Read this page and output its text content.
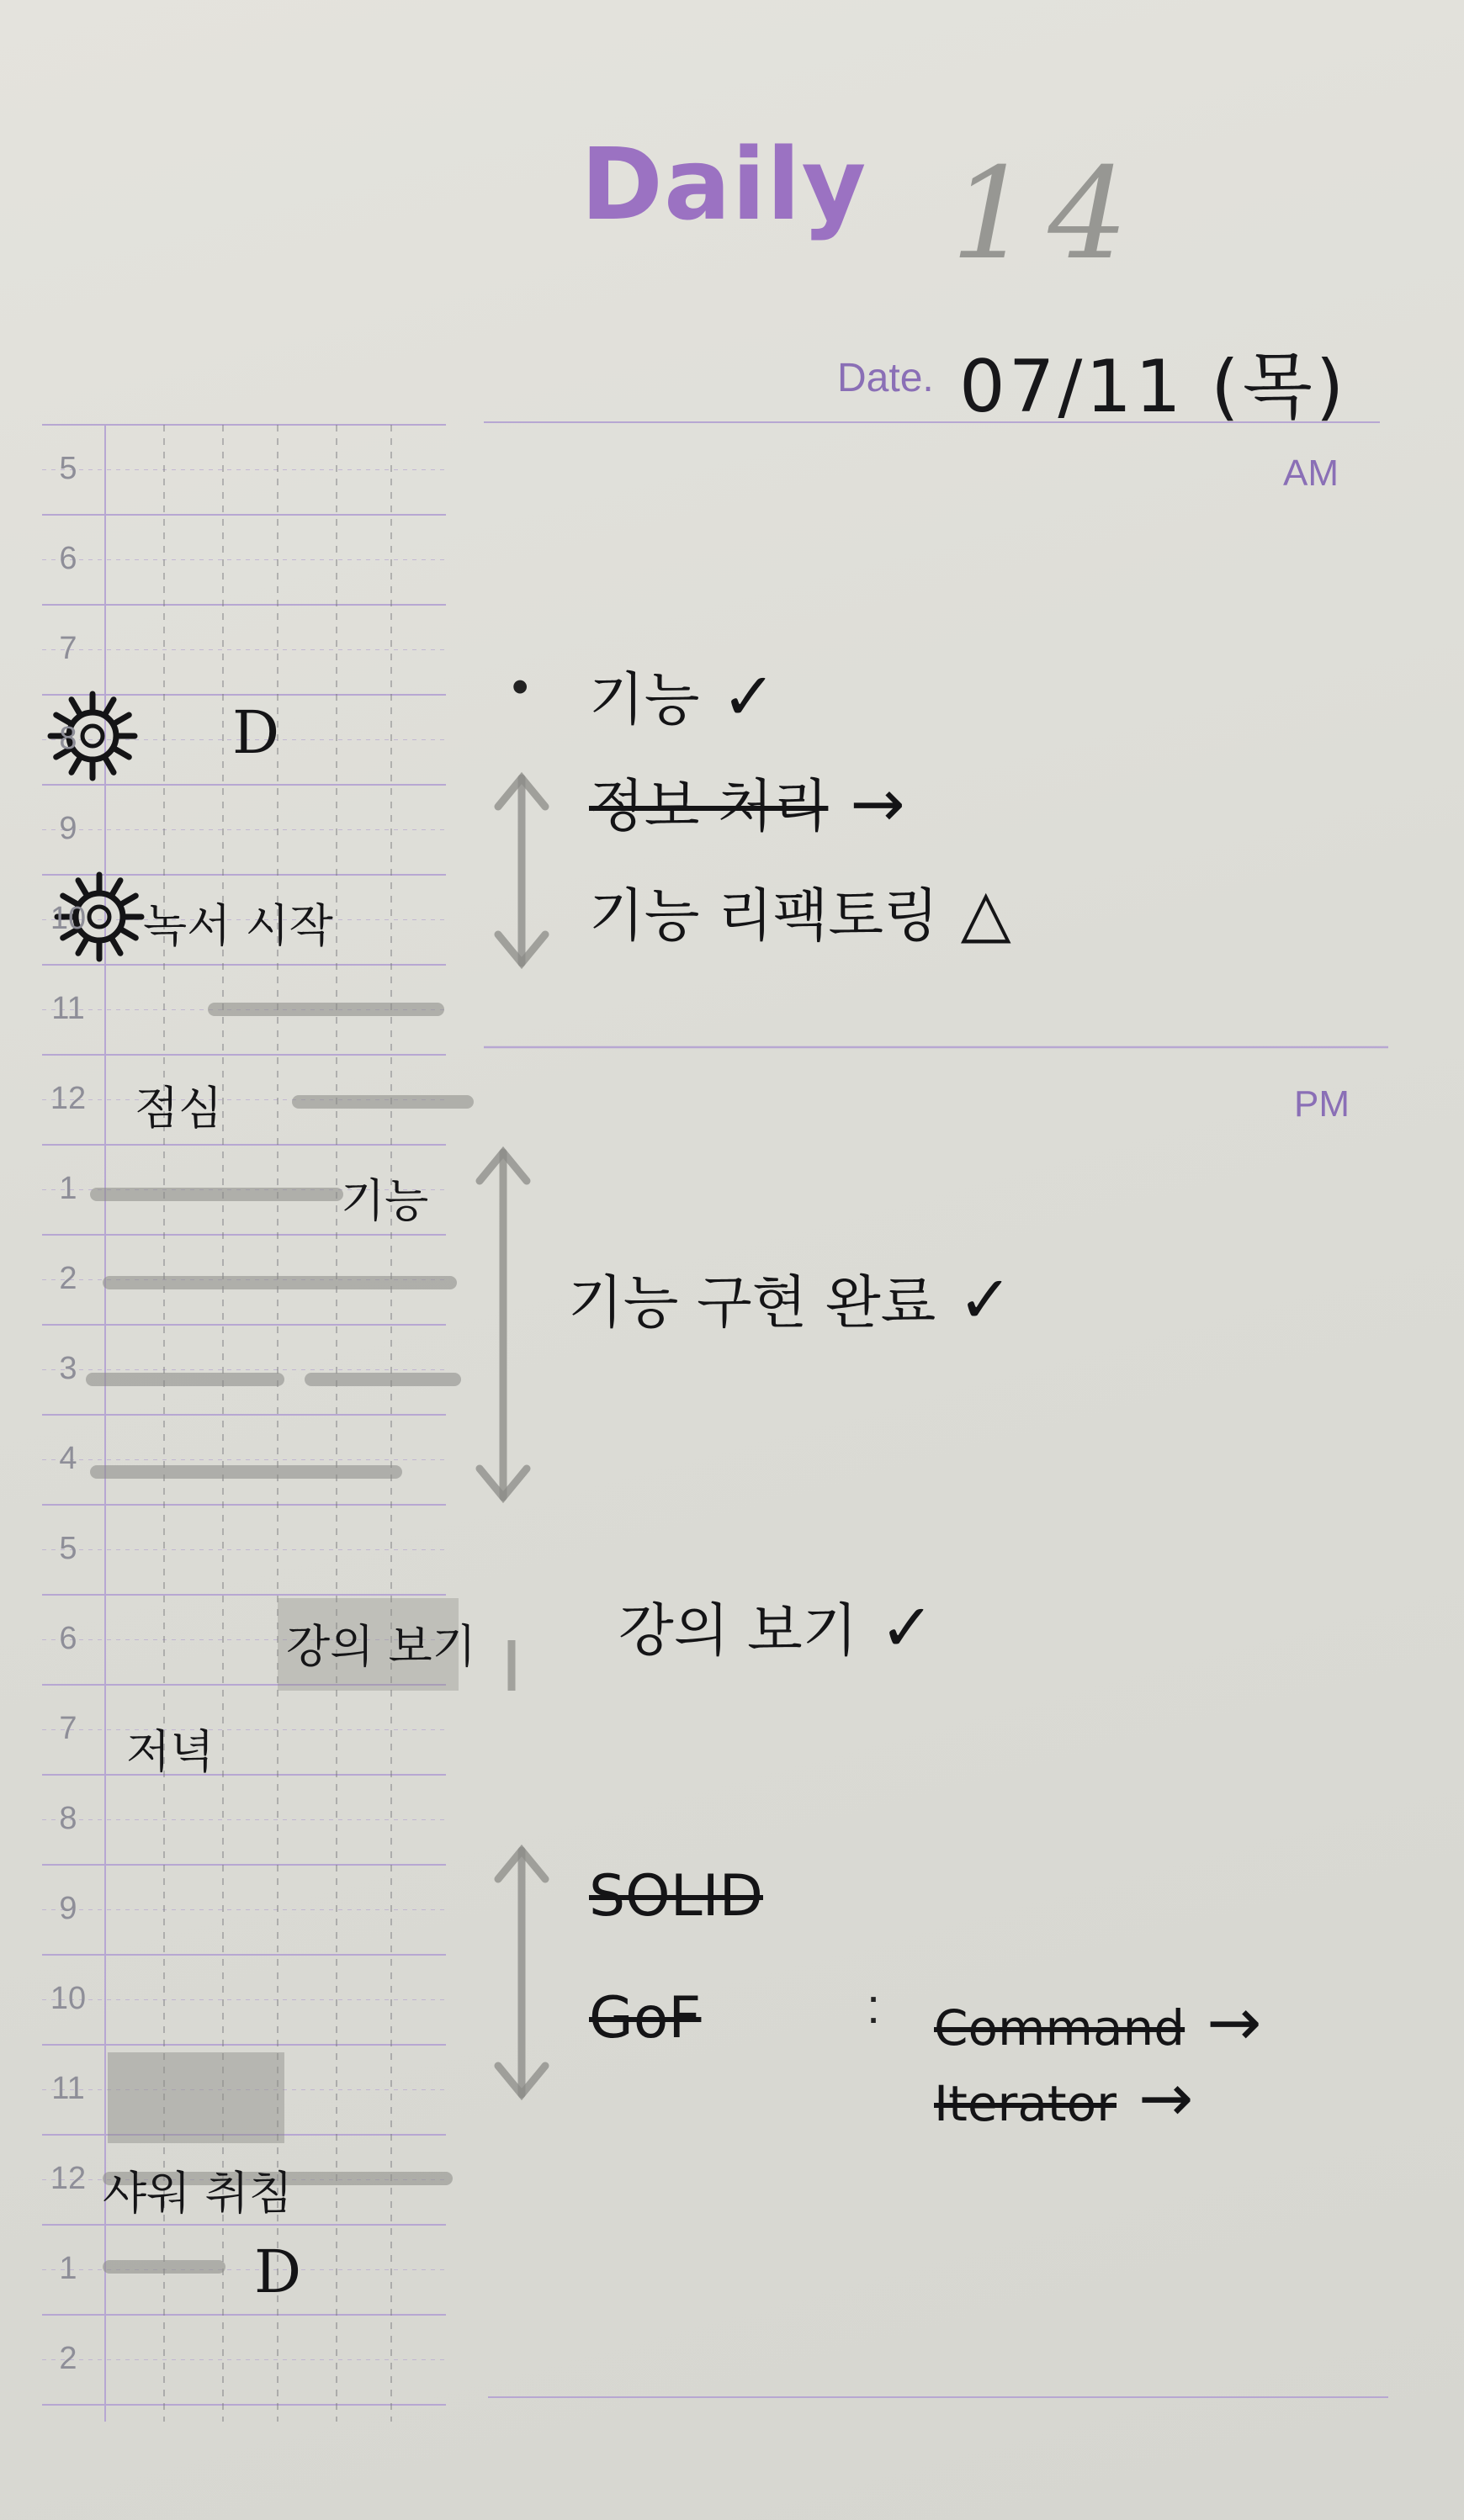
Daily 14
Date. 07/11 (목)
AM
PM
5
6
7
8
9
10
11
12
1
2
3
4
5
6
7
8
9
10
11
12
1
2
D
녹서 시작
점심
기능
강의 보기
저녁
샤워 취침
D
• 기능 ✓
정보 처리 →
기능 리팩토링 △
기능 구현 완료 ✓
강의 보기 ✓
SOLID
GoF	: Command →
Iterator →
